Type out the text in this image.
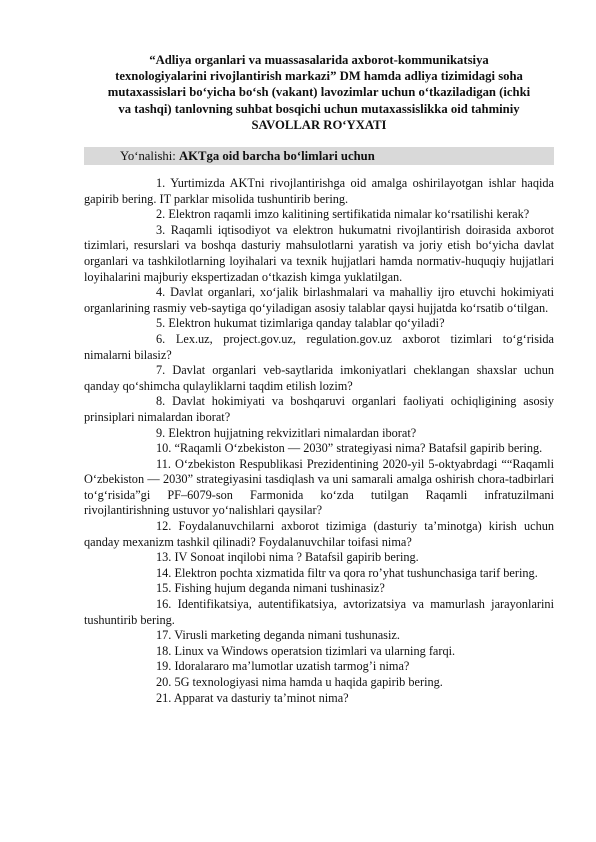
“Adliya organlari va muassasalarida axborot-kommunikatsiya
texnologiyalarini rivojlantirish markazi” DM hamda adliya tizimidagi soha
mutaxassislari bo‘yicha bo‘sh (vakant) lavozimlar uchun o‘tkaziladigan (ichki
va tashqi) tanlovning suhbat bosqichi uchun mutaxassislikka oid tahminiy
SAVOLLAR RO‘YXATI
Yo‘nalishi: AKTga oid barcha bo‘limlari uchun

1. Yurtimizda AKTni rivojlantirishga oid amalga oshirilayotgan ishlar haqida gapirib bering. IT parklar misolida tushuntirib bering.

2. Elektron raqamli imzo kalitining sertifikatida nimalar ko‘rsatilishi kerak?

3. Raqamli iqtisodiyot va elektron hukumatni rivojlantirish doirasida axborot tizimlari, resurslari va boshqa dasturiy mahsulotlarni yaratish va joriy etish bo‘yicha davlat organlari va tashkilotlarning loyihalari va texnik hujjatlari hamda normativ-huquqiy hujjatlari loyihalarini majburiy ekspertizadan o‘tkazish kimga yuklatilgan.

4. Davlat organlari, xo‘jalik birlashmalari va mahalliy ijro etuvchi hokimiyati organlarining rasmiy veb-saytiga qo‘yiladigan asosiy talablar qaysi hujjatda ko‘rsatib o‘tilgan.

5. Elektron hukumat tizimlariga qanday talablar qo‘yiladi?

6. Lex.uz, project.gov.uz, regulation.gov.uz axborot tizimlari to‘g‘risida nimalarni bilasiz?

7. Davlat organlari veb-saytlarida imkoniyatlari cheklangan shaxslar uchun qanday qo‘shimcha qulayliklarni taqdim etilish lozim?

8. Davlat hokimiyati va boshqaruvi organlari faoliyati ochiqligining asosiy prinsiplari nimalardan iborat?

9. Elektron hujjatning rekvizitlari nimalardan iborat?

10. “Raqamli O‘zbekiston — 2030” strategiyasi nima? Batafsil gapirib bering.

11. O‘zbekiston Respublikasi Prezidentining 2020-yil 5-oktyabrdagi ““Raqamli O‘zbekiston — 2030” strategiyasini tasdiqlash va uni samarali amalga oshirish chora-tadbirlari to‘g‘risida”gi PF–6079-son Farmonida ko‘zda tutilgan Raqamli infratuzilmani rivojlantirishning ustuvor yo‘nalishlari qaysilar?

12. Foydalanuvchilarni axborot tizimiga (dasturiy ta’minotga) kirish uchun qanday mexanizm tashkil qilinadi? Foydalanuvchilar toifasi nima?

13. IV Sonoat inqilobi nima ? Batafsil gapirib bering.

14. Elektron pochta xizmatida filtr va qora ro’yhat tushunchasiga tarif bering.

15. Fishing hujum deganda nimani tushinasiz?

16. Identifikatsiya, autentifikatsiya, avtorizatsiya va mamurlash jarayonlarini tushuntirib bering.

17. Virusli marketing deganda nimani tushunasiz.

18. Linux va Windows operatsion tizimlari va ularning farqi.

19. Idoralararo ma’lumotlar uzatish tarmog’i nima?

20. 5G texnologiyasi nima hamda u haqida gapirib bering.

21. Apparat va dasturiy ta’minot nima?
